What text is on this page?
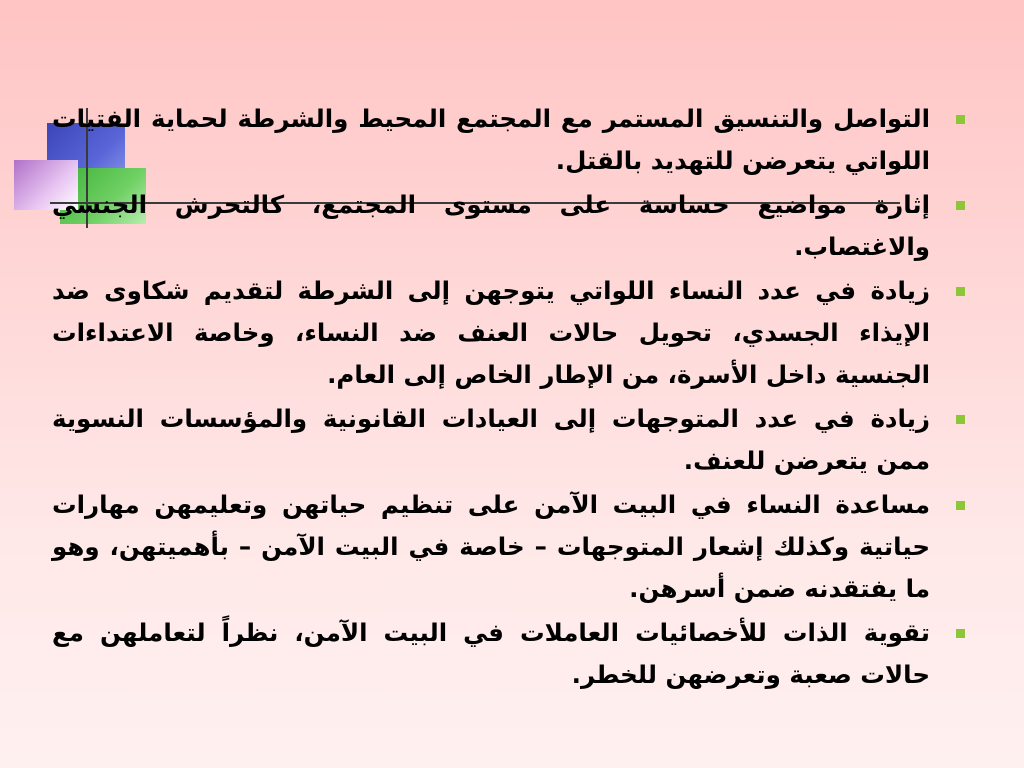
التواصل والتنسيق المستمر مع المجتمع المحيط والشرطة لحماية الفتيات اللواتي يتعرضن للتهديد بالقتل.
إثارة مواضيع حساسة على مستوى المجتمع، كالتحرش الجنسي والاغتصاب.
زيادة في عدد النساء اللواتي يتوجهن إلى الشرطة لتقديم شكاوى ضد الإيذاء الجسدي، تحويل حالات العنف ضد النساء، وخاصة الاعتداءات الجنسية داخل الأسرة، من الإطار الخاص إلى العام.
زيادة في عدد المتوجهات إلى العيادات القانونية والمؤسسات النسوية ممن يتعرضن للعنف.
مساعدة النساء في البيت الآمن على تنظيم حياتهن وتعليمهن مهارات حياتية وكذلك إشعار المتوجهات – خاصة في البيت الآمن – بأهميتهن، وهو ما يفتقدنه ضمن أسرهن.
تقوية الذات للأخصائيات العاملات في البيت الآمن، نظراً لتعاملهن مع حالات صعبة وتعرضهن للخطر.
